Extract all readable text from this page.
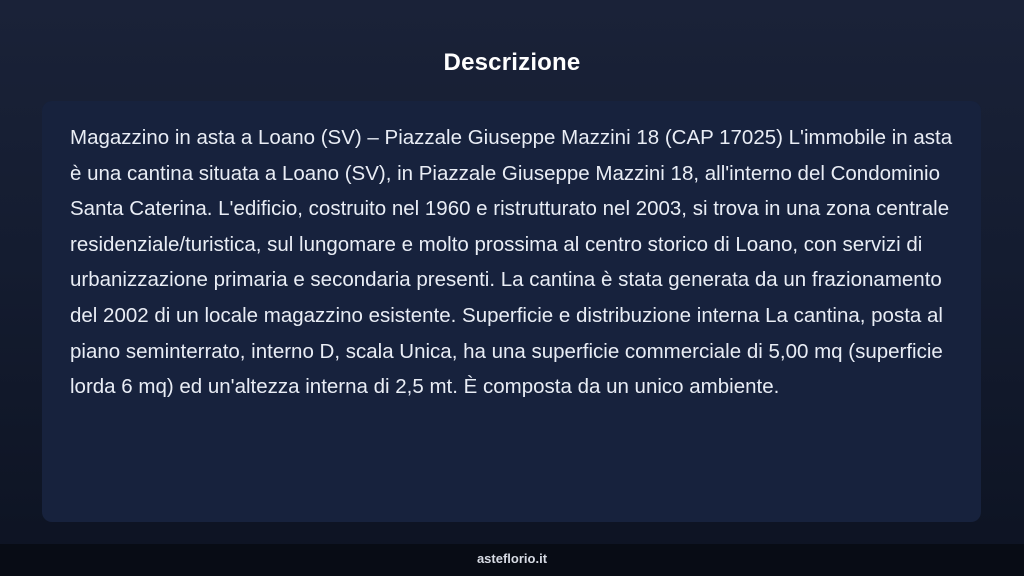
Descrizione

Magazzino in asta a Loano (SV) – Piazzale Giuseppe Mazzini 18 (CAP 17025) L'immobile in asta è una cantina situata a Loano (SV), in Piazzale Giuseppe Mazzini 18, all'interno del Condominio Santa Caterina. L'edificio, costruito nel 1960 e ristrutturato nel 2003, si trova in una zona centrale residenziale/turistica, sul lungomare e molto prossima al centro storico di Loano, con servizi di urbanizzazione primaria e secondaria presenti. La cantina è stata generata da un frazionamento del 2002 di un locale magazzino esistente. Superficie e distribuzione interna La cantina, posta al piano seminterrato, interno D, scala Unica, ha una superficie commerciale di 5,00 mq (superficie lorda 6 mq) ed un'altezza interna di 2,5 mt. È composta da un unico ambiente.

asteflorio.it
